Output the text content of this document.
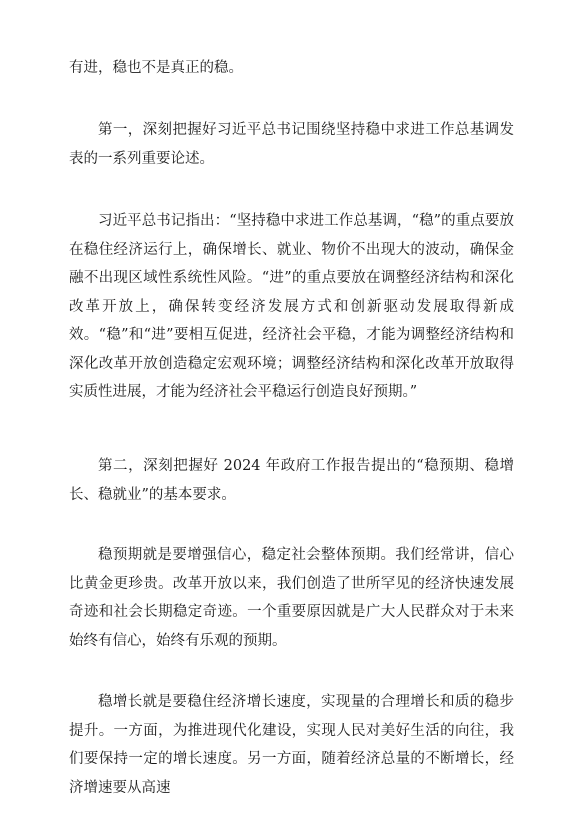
有进，稳也不是真正的稳。

第一，深刻把握好习近平总书记围绕坚持稳中求进工作总基调发表的一系列重要论述。

习近平总书记指出：“坚持稳中求进工作总基调，“稳”的重点要放在稳住经济运行上，确保增长、就业、物价不出现大的波动，确保金融不出现区域性系统性风险。“进”的重点要放在调整经济结构和深化改革开放上，确保转变经济发展方式和创新驱动发展取得新成效。“稳”和“进”要相互促进，经济社会平稳，才能为调整经济结构和深化改革开放创造稳定宏观环境；调整经济结构和深化改革开放取得实质性进展，才能为经济社会平稳运行创造良好预期。”

第二，深刻把握好 2024 年政府工作报告提出的“稳预期、稳增长、稳就业”的基本要求。

稳预期就是要增强信心，稳定社会整体预期。我们经常讲，信心比黄金更珍贵。改革开放以来，我们创造了世所罕见的经济快速发展奇迹和社会长期稳定奇迹。一个重要原因就是广大人民群众对于未来始终有信心，始终有乐观的预期。

稳增长就是要稳住经济增长速度，实现量的合理增长和质的稳步提升。一方面，为推进现代化建设，实现人民对美好生活的向往，我们要保持一定的增长速度。另一方面，随着经济总量的不断增长，经济增速要从高速
